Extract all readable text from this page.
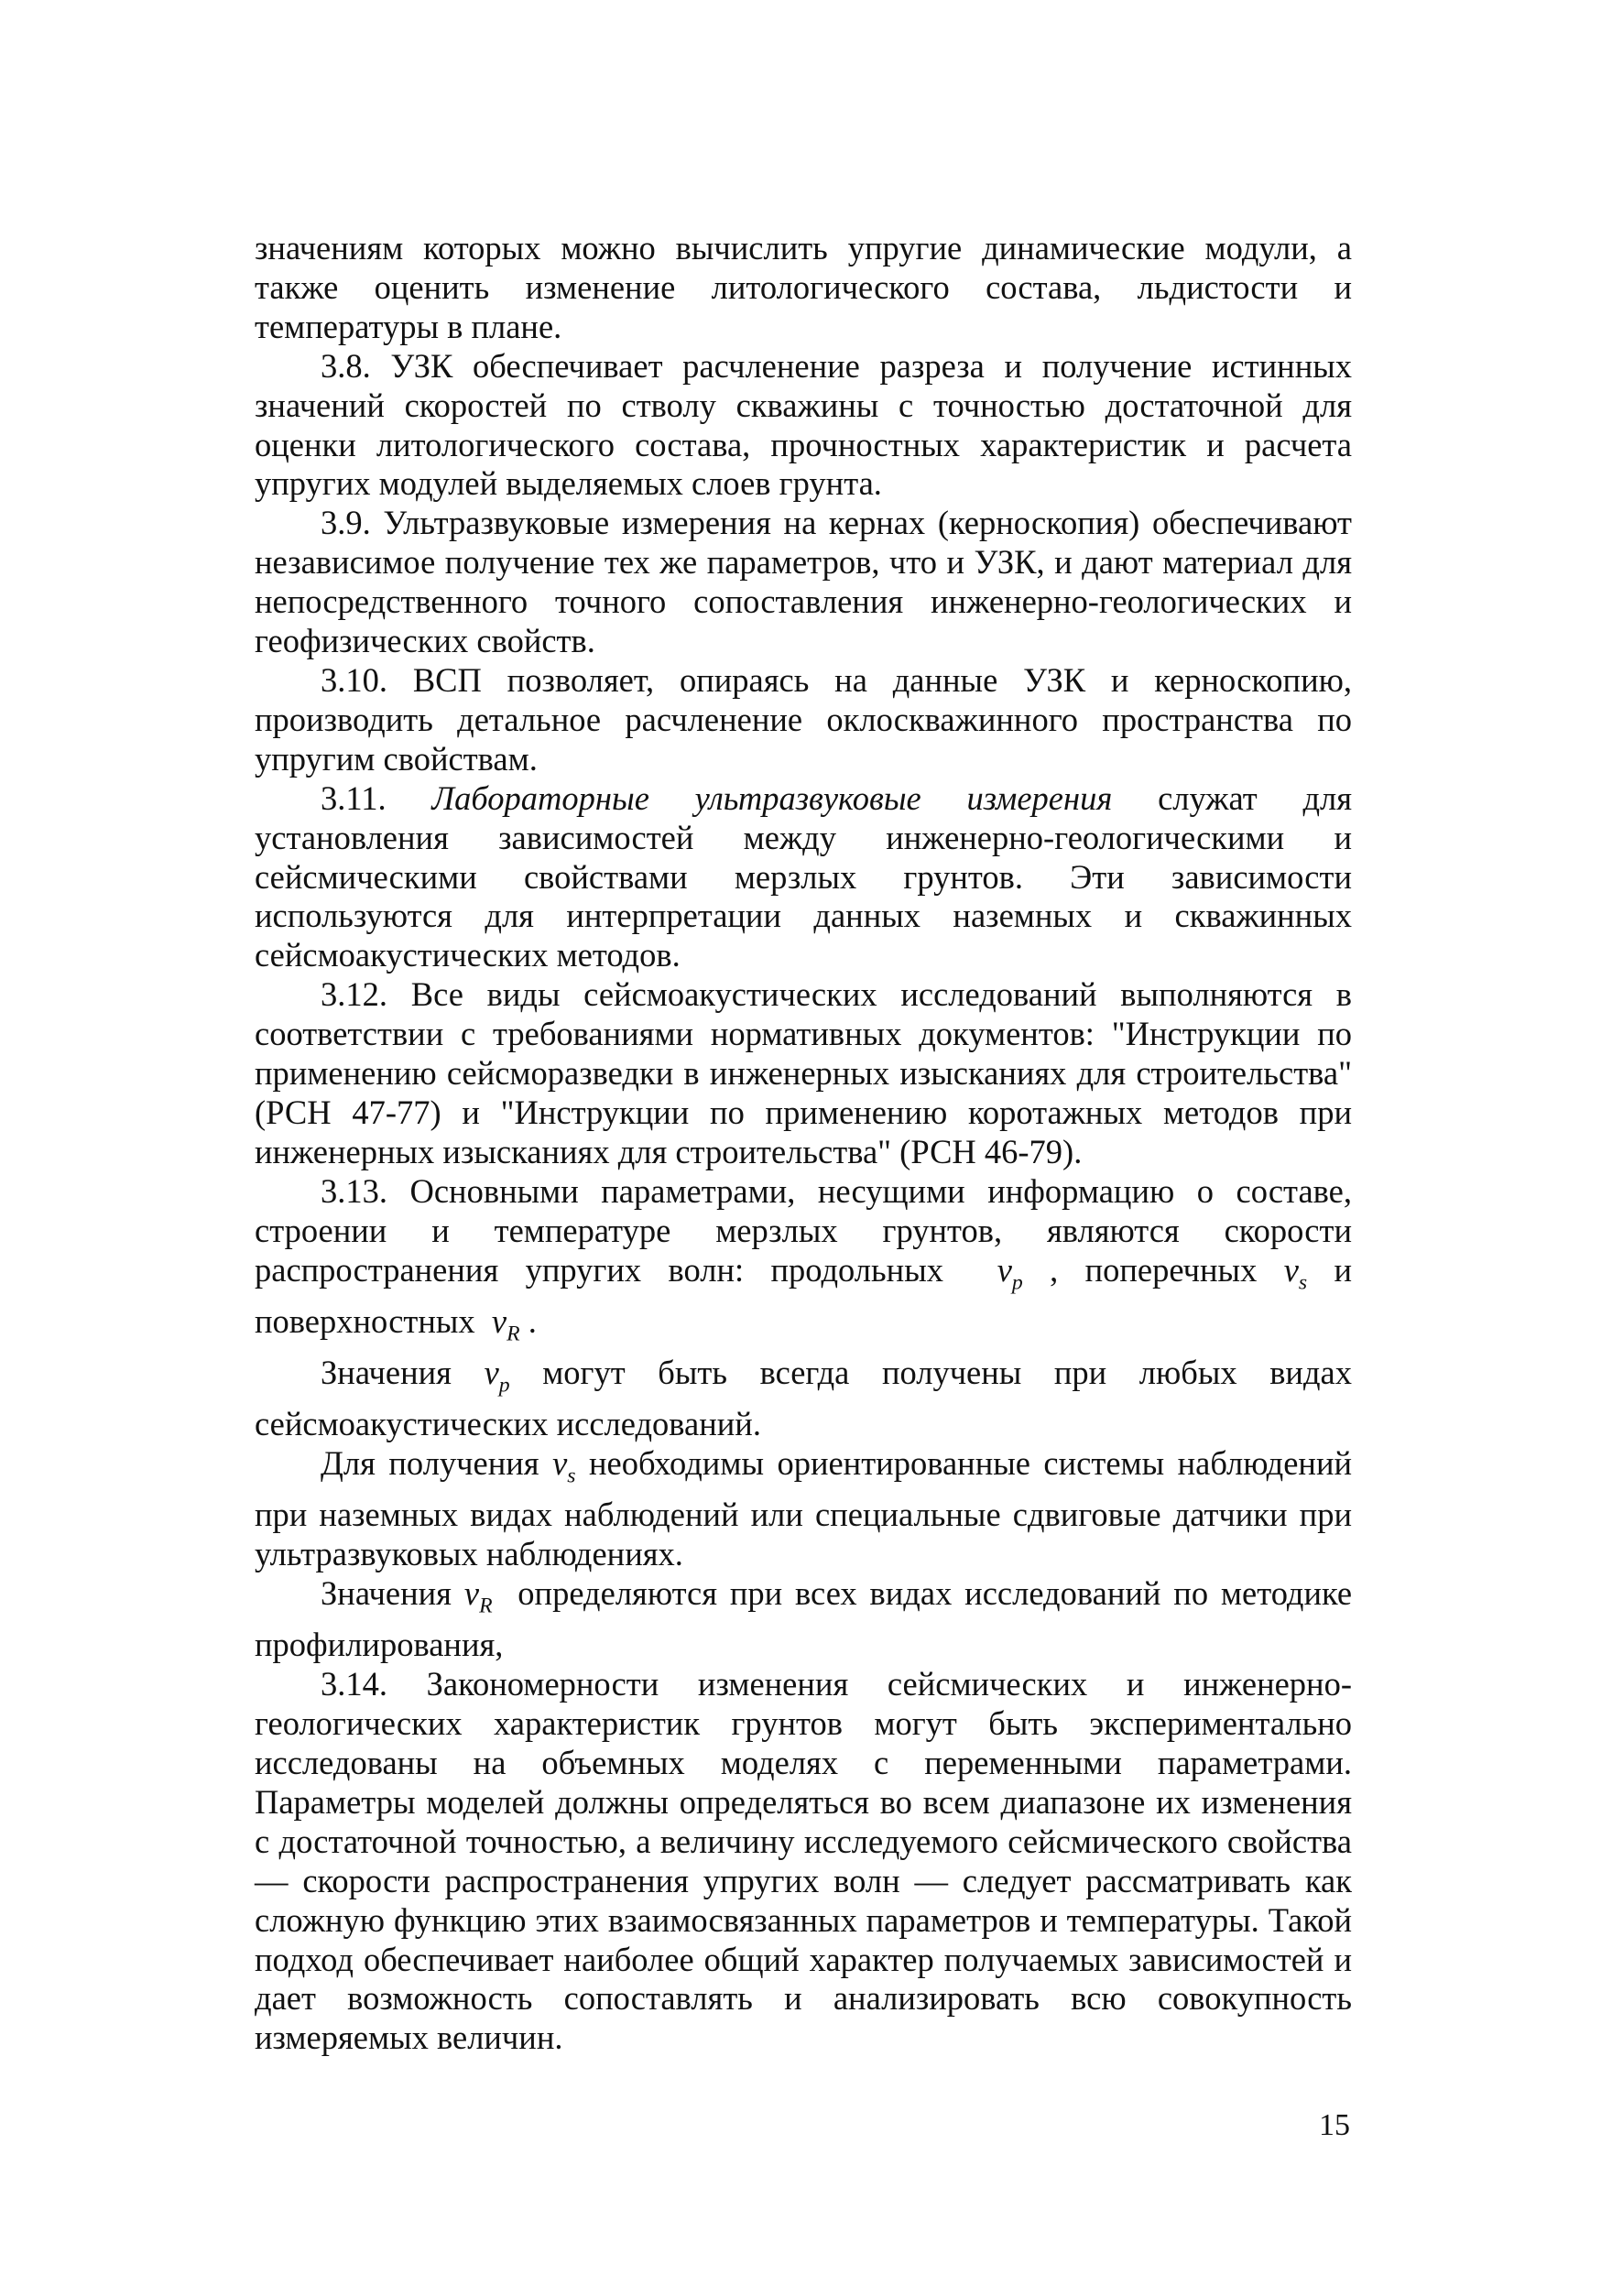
значениям которых можно вычислить упругие динамические модули, а также оценить изменение литологического состава, льдистости и температуры в плане.

3.8. УЗК обеспечивает расчленение разреза и получение истинных значений скоростей по стволу скважины с точностью достаточной для оценки литологического состава, прочностных характеристик и расчета упругих модулей выделяемых слоев грунта.

3.9. Ультразвуковые измерения на кернах (керноскопия) обеспечивают независимое получение тех же параметров, что и УЗК, и дают материал для непосредственного точного сопоставления инженерно-геологических и геофизических свойств.

3.10. ВСП позволяет, опираясь на данные УЗК и керноскопию, производить детальное расчленение оклоскважинного пространства по упругим свойствам.

3.11. Лабораторные ультразвуковые измерения служат для установления зависимостей между инженерно-геологическими и сейсмическими свойствами мерзлых грунтов. Эти зависимости используются для интерпретации данных наземных и скважинных сейсмоакустических методов.

3.12. Все виды сейсмоакустических исследований выполняются в соответствии с требованиями нормативных документов: "Инструкции по применению сейсморазведки в инженерных изысканиях для строительства" (РСН 47-77) и "Инструкции по применению коротажных методов при инженерных изысканиях для строительства" (РСН 46-79).

3.13. Основными параметрами, несущими информацию о составе, строении и температуре мерзлых грунтов, являются скорости распространения упругих волн: продольных $v_p$ , поперечных $v_s$ и поверхностных $v_R$ .

Значения $v_p$ могут быть всегда получены при любых видах сейсмоакустических исследований.

Для получения $v_s$ необходимы ориентированные системы наблюдений при наземных видах наблюдений или специальные сдвиговые датчики при ультразвуковых наблюдениях.

Значения $v_R$ определяются при всех видах исследований по методике профилирования,

3.14. Закономерности изменения сейсмических и инженерно-геологических характеристик грунтов могут быть экспериментально исследованы на объемных моделях с переменными параметрами. Параметры моделей должны определяться во всем диапазоне их изменения с достаточной точностью, а величину исследуемого сейсмического свойства — скорости распространения упругих волн — следует рассматривать как сложную функцию этих взаимосвязанных параметров и температуры. Такой подход обеспечивает наиболее общий характер получаемых зависимостей и дает возможность сопоставлять и анализировать всю совокупность измеряемых величин.

15
